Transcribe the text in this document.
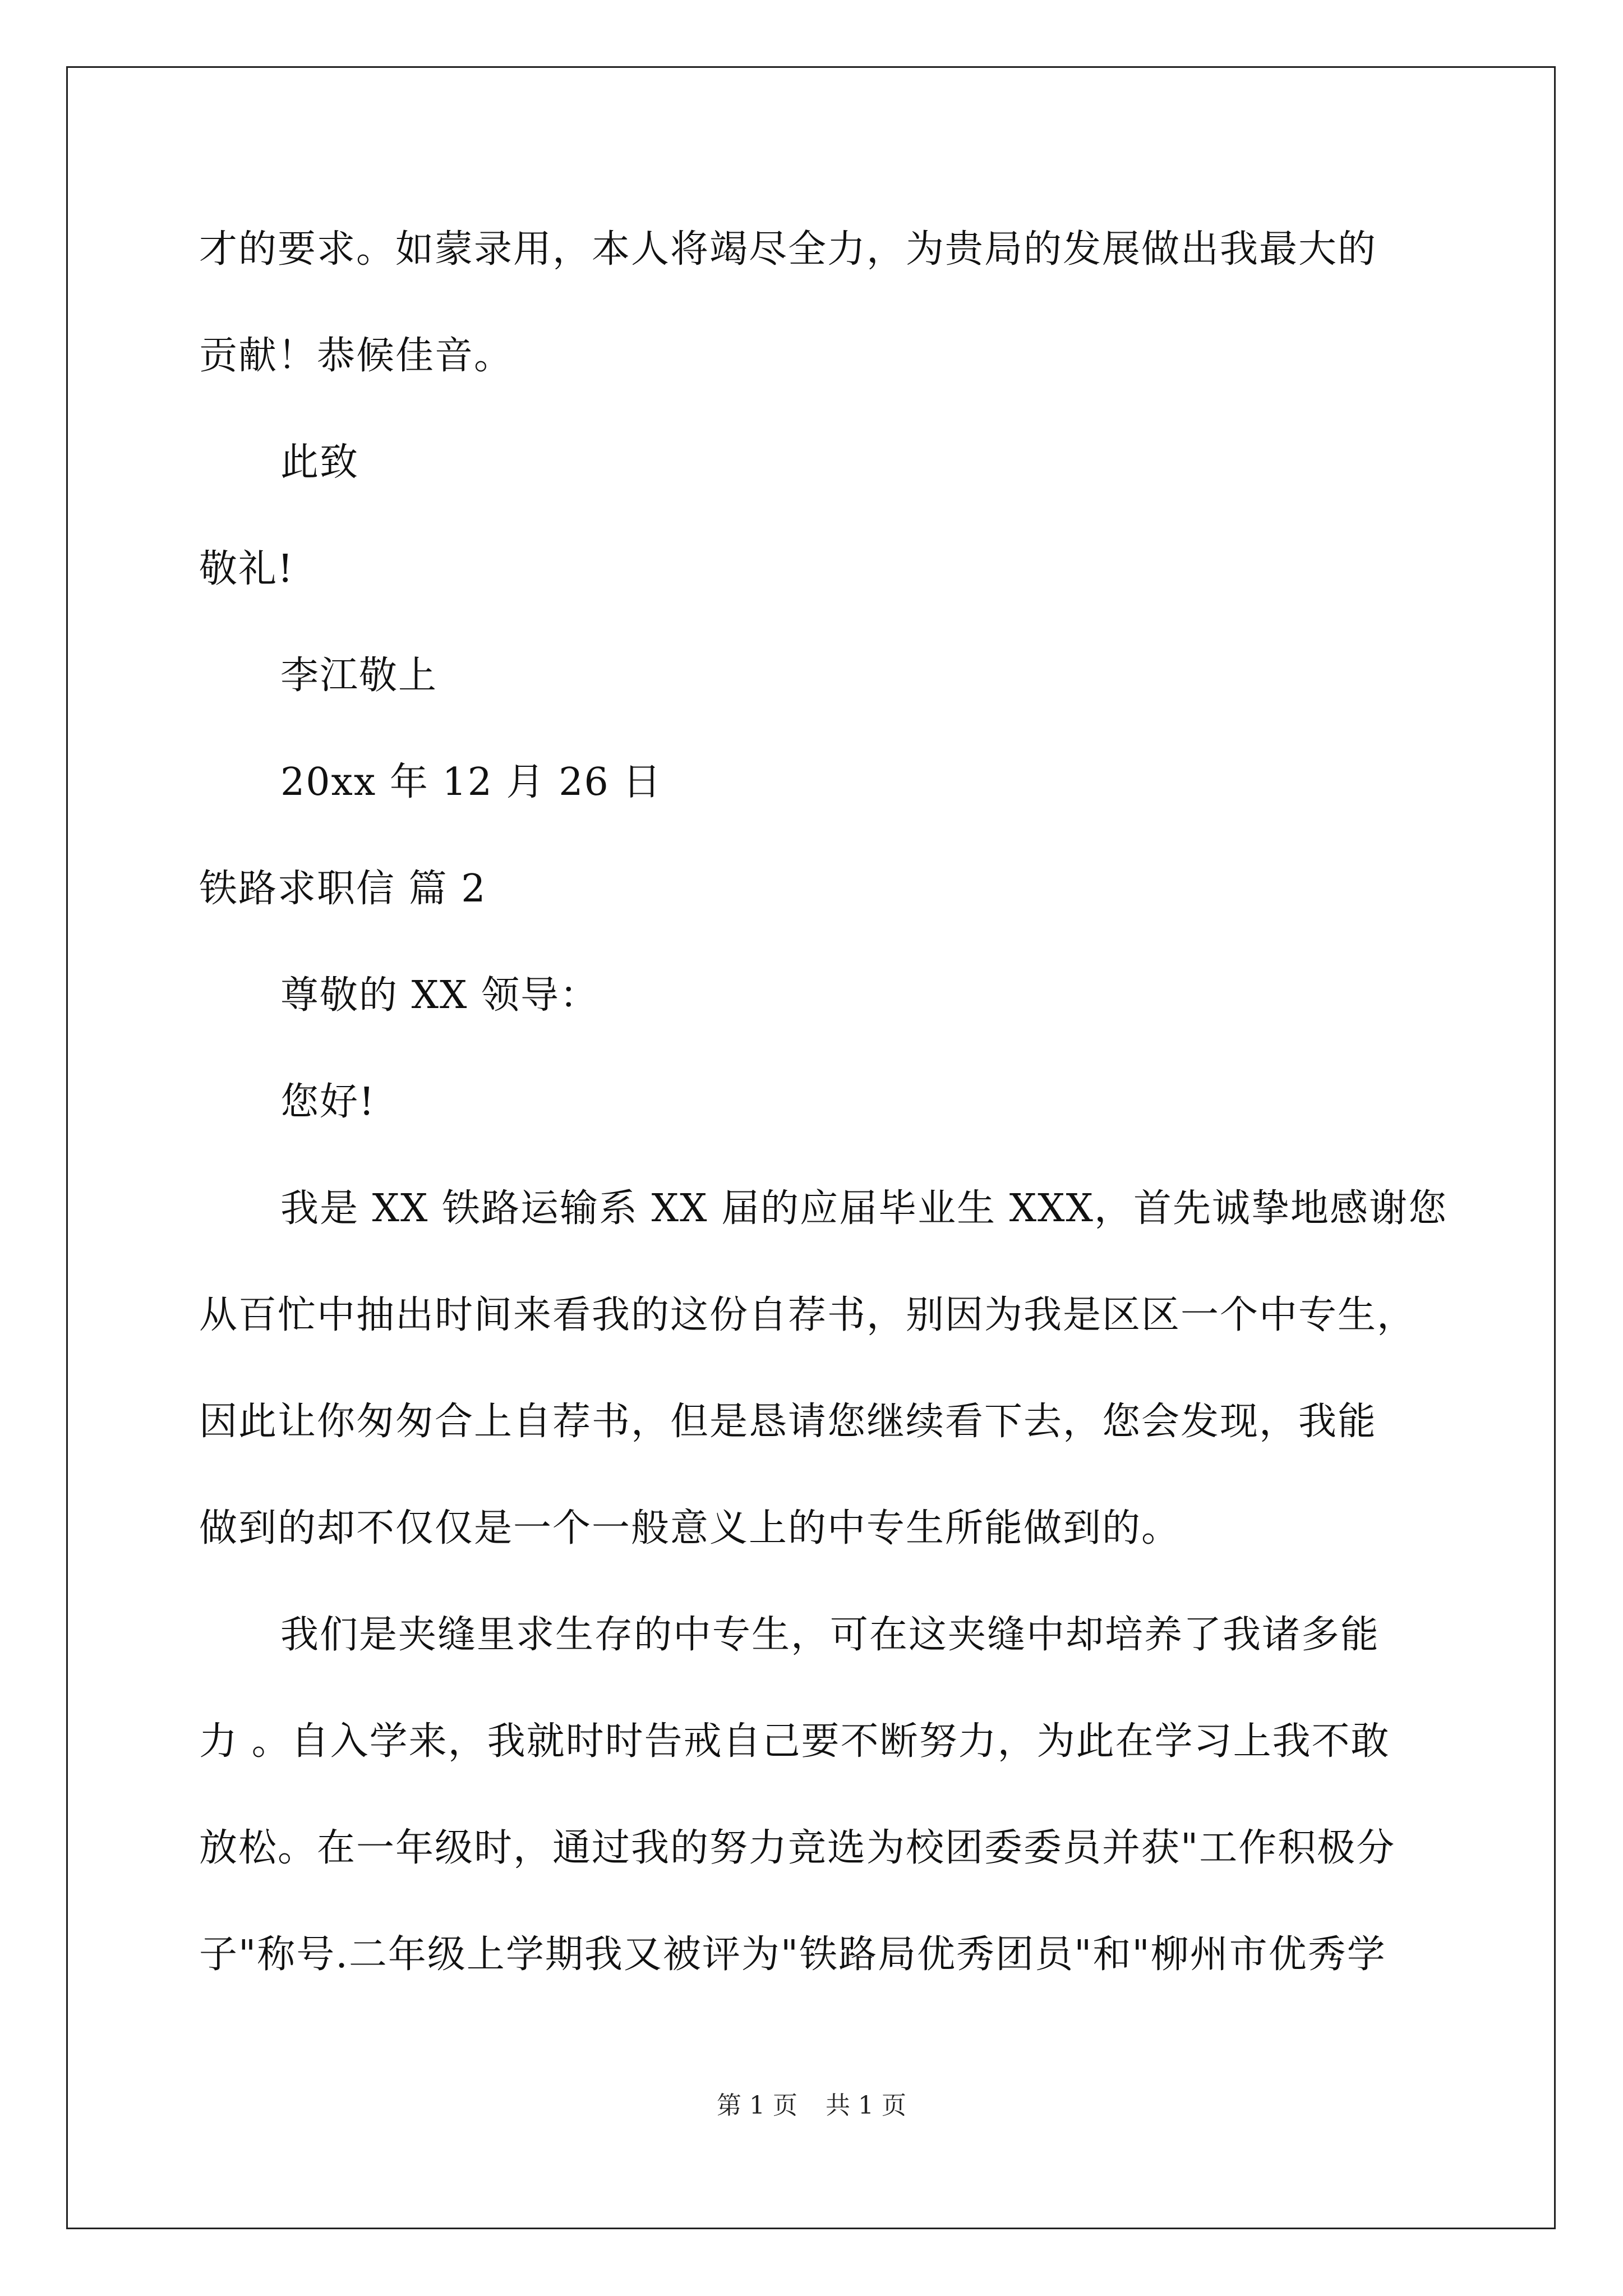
才的要求。如蒙录用，本人将竭尽全力，为贵局的发展做出我最大的
贡献！恭候佳音。
此致
敬礼!
李江敬上
20xx 年 12 月 26 日
铁路求职信 篇 2
尊敬的 XX 领导：
您好!
我是 XX 铁路运输系 XX 届的应届毕业生 XXX，首先诚挚地感谢您
从百忙中抽出时间来看我的这份自荐书，别因为我是区区一个中专生，
因此让你匆匆合上自荐书，但是恳请您继续看下去，您会发现，我能
做到的却不仅仅是一个一般意义上的中专生所能做到的。
我们是夹缝里求生存的中专生，可在这夹缝中却培养了我诸多能
力 。自入学来，我就时时告戒自己要不断努力，为此在学习上我不敢
放松。在一年级时，通过我的努力竞选为校团委委员并获"工作积极分
子"称号.二年级上学期我又被评为"铁路局优秀团员"和"柳州市优秀学
第 1 页 共 1 页
